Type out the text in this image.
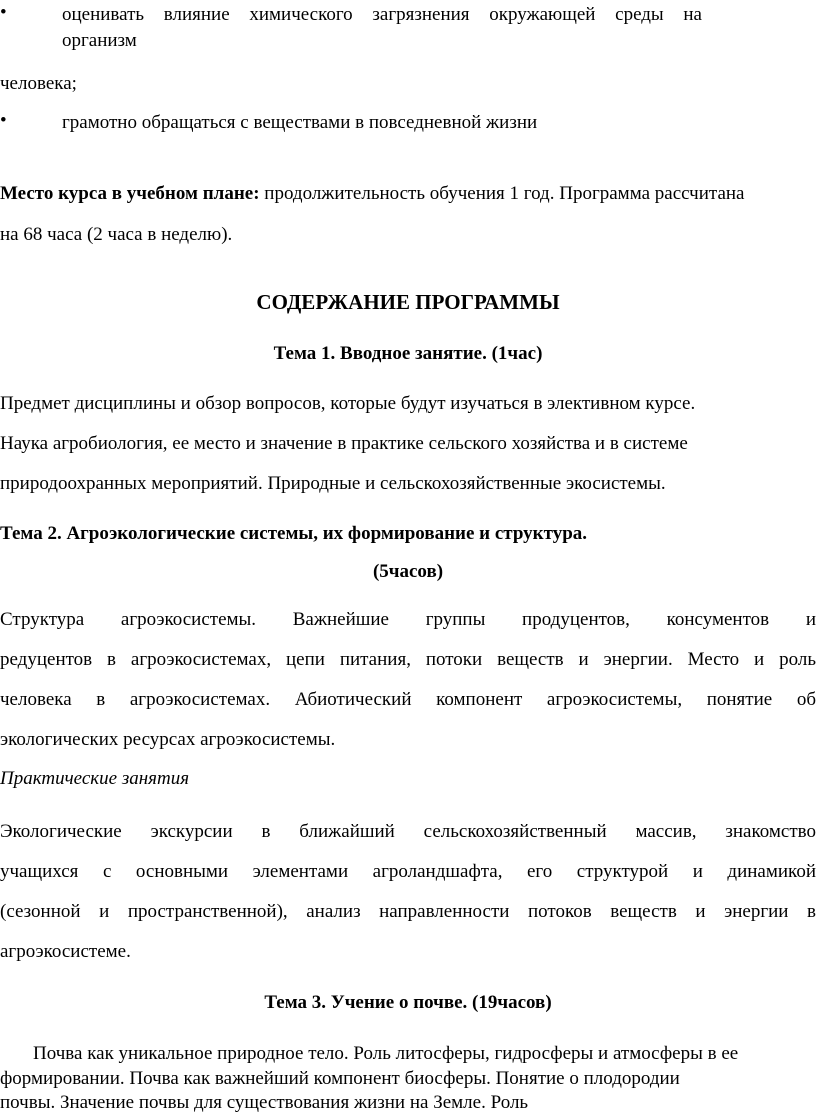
•	оценивать влияние химического загрязнения окружающей среды на
организм
человека;
•	грамотно обращаться с веществами в повседневной жизни
Место курса в учебном плане: продолжительность обучения 1 год. Программа рассчитана
на 68 часа (2 часа в неделю).
СОДЕРЖАНИЕ ПРОГРАММЫ
Тема 1. Вводное занятие. (1час)
Предмет дисциплины и обзор вопросов, которые будут изучаться в элективном курсе.
Наука агробиология, ее место и значение в практике сельского хозяйства и в системе
природоохранных мероприятий. Природные и сельскохозяйственные экосистемы.
Тема 2. Агроэкологические системы, их формирование и структура.
(5часов)
Структура агроэкосистемы. Важнейшие группы продуцентов, консументов и
редуцентов в агроэкосистемах, цепи питания, потоки веществ и энергии. Место и роль
человека в агроэкосистемах. Абиотический компонент агроэкосистемы, понятие об
экологических ресурсах агроэкосистемы.
Практические занятия
Экологические экскурсии в ближайший сельскохозяйственный массив, знакомство
учащихся с основными элементами агроландшафта, его структурой и динамикой
(сезонной и пространственной), анализ направленности потоков веществ и энергии в
агроэкосистеме.
Тема 3. Учение о почве. (19часов)
Почва как уникальное природное тело. Роль литосферы, гидросферы и атмосферы в ее
формировании. Почва как важнейший компонент биосферы. Понятие о плодородии
почвы. Значение почвы для существования жизни на Земле. Роль
